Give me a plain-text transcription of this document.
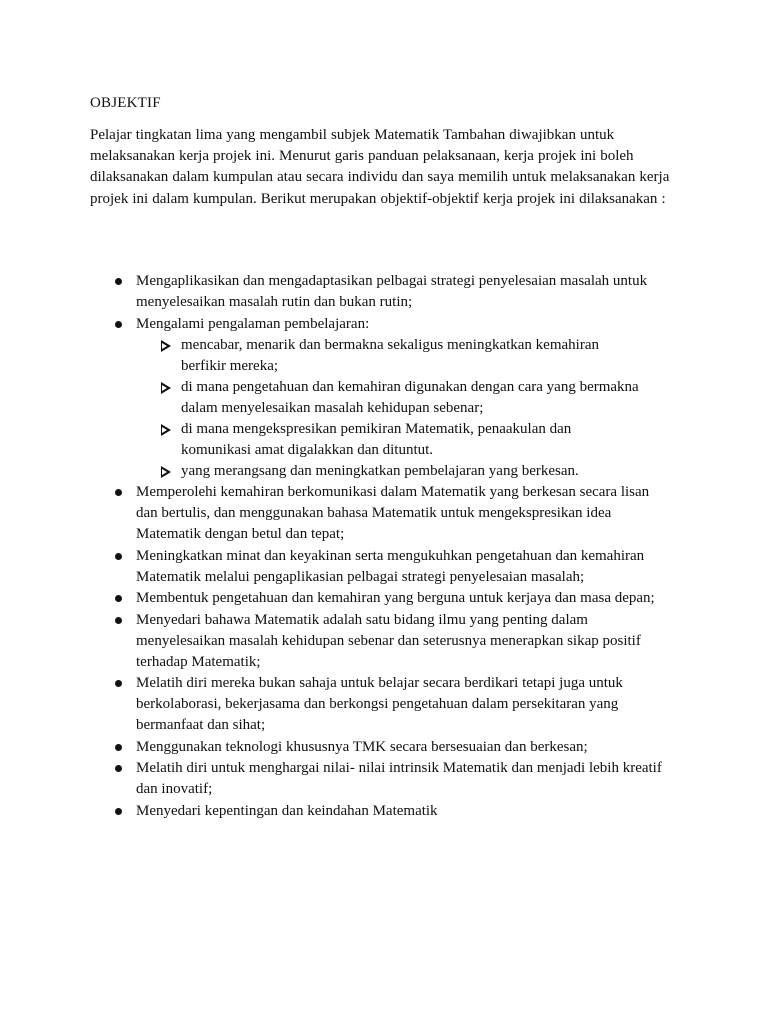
OBJEKTIF

Pelajar tingkatan lima yang mengambil subjek Matematik Tambahan diwajibkan untuk melaksanakan kerja projek ini. Menurut garis panduan pelaksanaan, kerja projek ini boleh dilaksanakan dalam kumpulan atau secara individu dan saya memilih untuk melaksanakan kerja projek ini dalam kumpulan. Berikut merupakan objektif-objektif kerja projek ini dilaksanakan :

Mengaplikasikan dan mengadaptasikan pelbagai strategi penyelesaian masalah untuk menyelesaikan masalah rutin dan bukan rutin;
Mengalami pengalaman pembelajaran:
mencabar, menarik dan bermakna sekaligus meningkatkan kemahiran berfikir mereka;
di mana pengetahuan dan kemahiran digunakan dengan cara yang bermakna dalam menyelesaikan masalah kehidupan sebenar;
di mana mengekspresikan pemikiran Matematik, penaakulan dan komunikasi amat digalakkan dan dituntut.
yang merangsang dan meningkatkan pembelajaran yang berkesan.
Memperolehi kemahiran berkomunikasi dalam Matematik yang berkesan secara lisan dan bertulis, dan menggunakan bahasa Matematik untuk mengekspresikan idea Matematik dengan betul dan tepat;
Meningkatkan minat dan keyakinan serta mengukuhkan pengetahuan dan kemahiran Matematik melalui pengaplikasian pelbagai strategi penyelesaian masalah;
Membentuk pengetahuan dan kemahiran yang berguna untuk kerjaya dan masa depan;
Menyedari bahawa Matematik adalah satu bidang ilmu yang penting dalam menyelesaikan masalah kehidupan sebenar dan seterusnya menerapkan sikap positif terhadap Matematik;
Melatih diri mereka bukan sahaja untuk belajar secara berdikari tetapi juga untuk berkolaborasi, bekerjasama dan berkongsi pengetahuan dalam persekitaran yang bermanfaat dan sihat;
Menggunakan teknologi khususnya TMK secara bersesuaian dan berkesan;
Melatih diri untuk menghargai nilai- nilai intrinsik Matematik dan menjadi lebih kreatif dan inovatif;
Menyedari kepentingan dan keindahan Matematik
